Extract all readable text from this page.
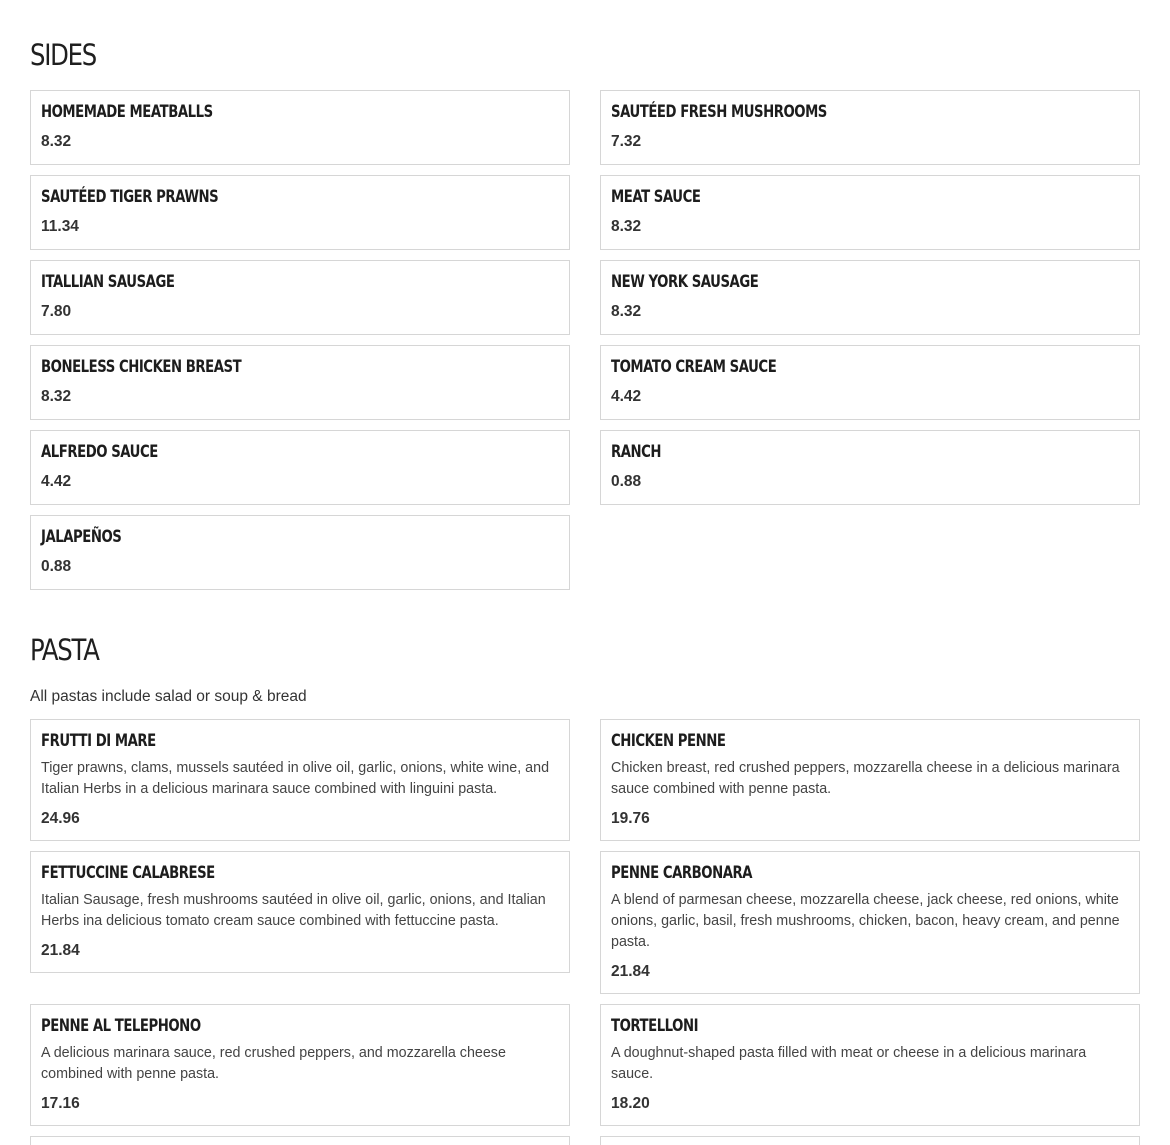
SIDES
HOMEMADE MEATBALLS
8.32
SAUTÉED FRESH MUSHROOMS
7.32
SAUTÉED TIGER PRAWNS
11.34
MEAT SAUCE
8.32
ITALLIAN SAUSAGE
7.80
NEW YORK SAUSAGE
8.32
BONELESS CHICKEN BREAST
8.32
TOMATO CREAM SAUCE
4.42
ALFREDO SAUCE
4.42
RANCH
0.88
JALAPEÑOS
0.88
PASTA

All pastas include salad or soup & bread

FRUTTI DI MARE
Tiger prawns, clams, mussels sautéed in olive oil, garlic, onions, white wine, and Italian Herbs in a delicious marinara sauce combined with linguini pasta.
24.96
CHICKEN PENNE
Chicken breast, red crushed peppers, mozzarella cheese in a delicious marinara sauce combined with penne pasta.
19.76
FETTUCCINE CALABRESE
Italian Sausage, fresh mushrooms sautéed in olive oil, garlic, onions, and Italian Herbs ina delicious tomato cream sauce combined with fettuccine pasta.
21.84
PENNE CARBONARA
A blend of parmesan cheese, mozzarella cheese, jack cheese, red onions, white onions, garlic, basil, fresh mushrooms, chicken, bacon, heavy cream, and penne pasta.
21.84
PENNE AL TELEPHONO
A delicious marinara sauce, red crushed peppers, and mozzarella cheese combined with penne pasta.
17.16
TORTELLONI
A doughnut-shaped pasta filled with meat or cheese in a delicious marinara sauce.
18.20
